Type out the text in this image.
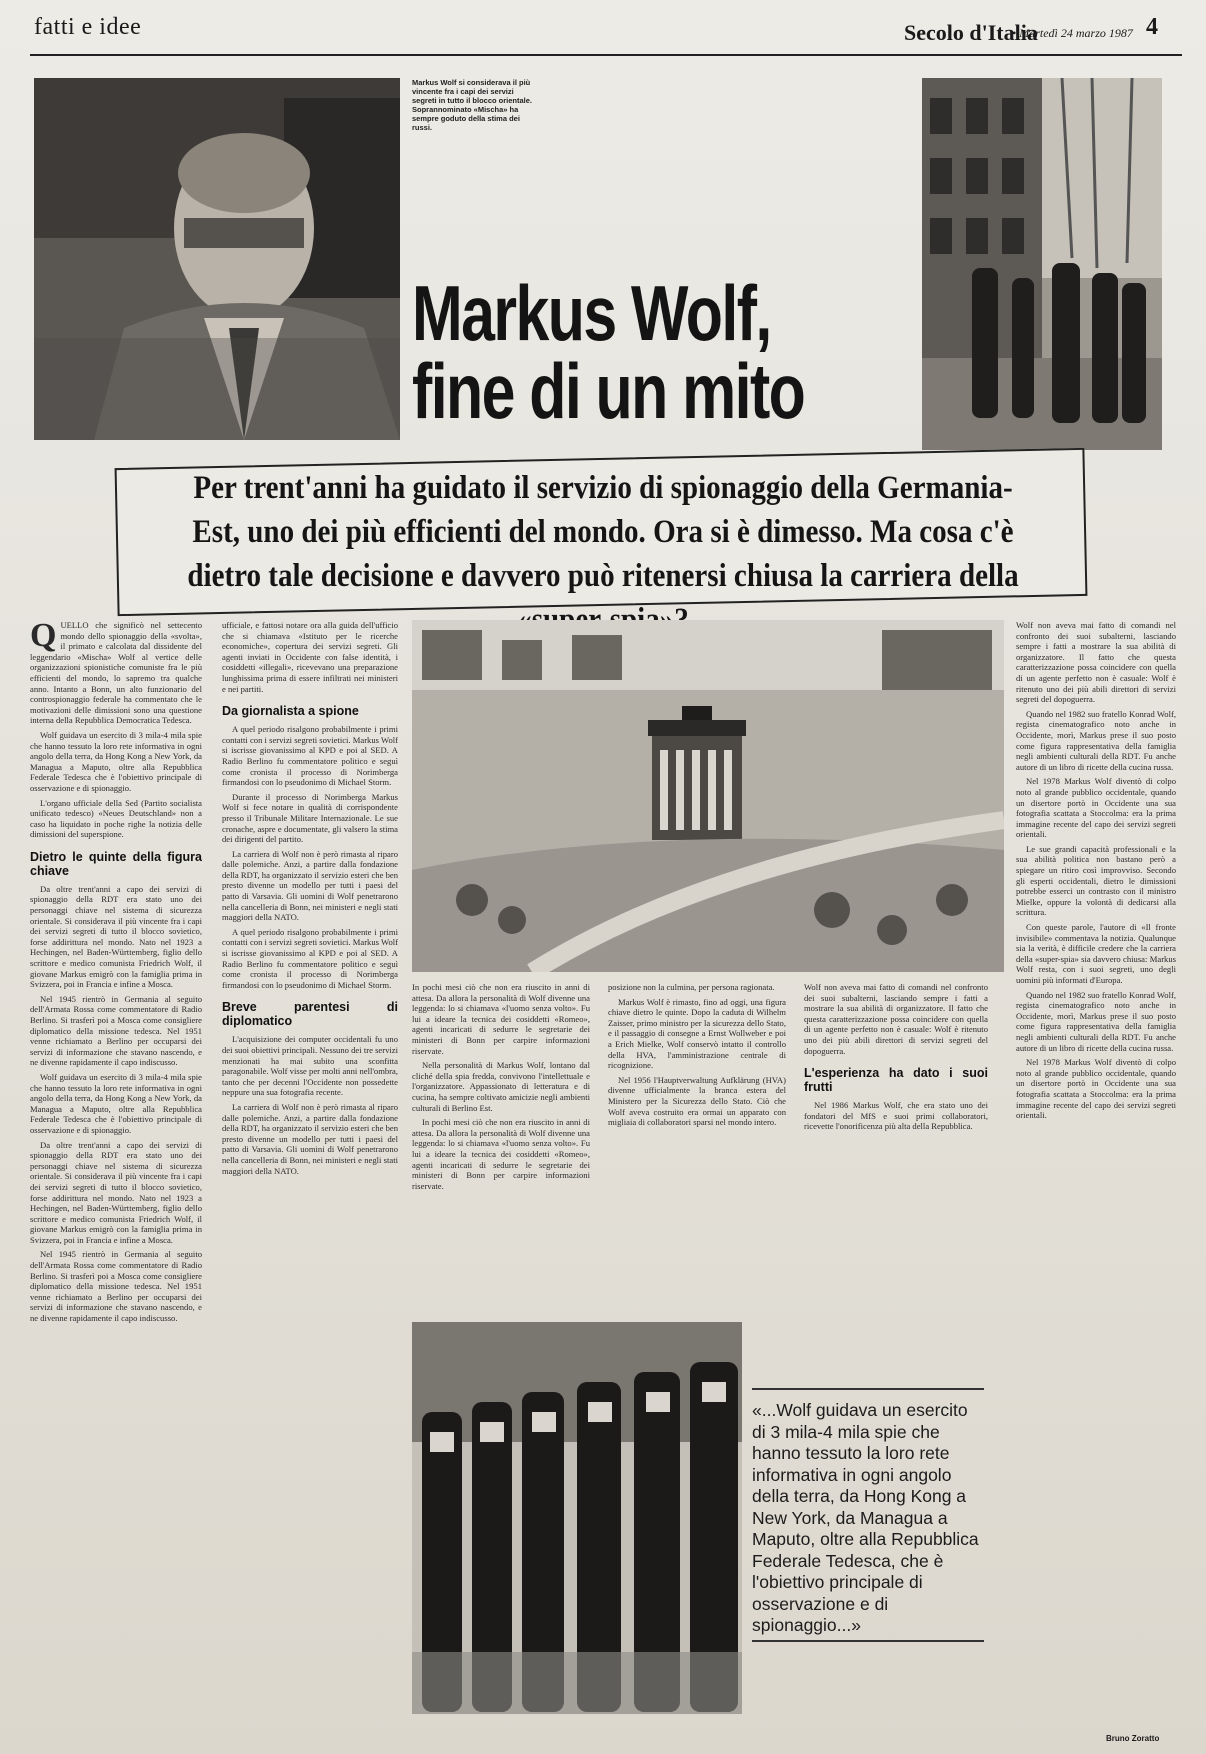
fatti e idee	Secolo d'Italia
• Martedì 24 marzo 1987 4
Markus Wolf si considerava il più vincente fra i capi dei servizi segreti in tutto il blocco orientale. Soprannominato «Mischa» ha sempre goduto della stima dei russi.
Markus Wolf,
fine di un mito
Per trent'anni ha guidato il servizio di spionaggio della Germania-Est, uno dei più efficienti del mondo. Ora si è dimesso. Ma cosa c'è dietro tale decisione e davvero può ritenersi chiusa la carriera della

QUELLO che significò nel settecento mondo dello spionaggio della «svolta», il primato e calcolata dal dissidente del leggendario «Mischa» Wolf al vertice delle organizzazioni spionistiche comuniste fra le più efficienti del mondo, lo sapremo tra qualche anno. Intanto a Bonn, un alto funzionario del controspionaggio federale ha commentato che le motivazioni delle dimissioni sono una questione interna della Repubblica Democratica Tedesca.

Wolf guidava un esercito di 3 mila-4 mila spie che hanno tessuto la loro rete informativa in ogni angolo della terra, da Hong Kong a New York, da Managua a Maputo, oltre alla Repubblica Federale Tedesca che è l'obiettivo principale di osservazione e di spionaggio.

L'organo ufficiale della Sed (Partito socialista unificato tedesco) «Neues Deutschland» non a caso ha liquidato in poche righe la notizia delle dimissioni del superspione.

Dietro le quinte della figura chiave

Da oltre trent'anni a capo dei servizi di spionaggio della RDT era stato uno dei personaggi chiave nel sistema di sicurezza orientale. Si considerava il più vincente fra i capi dei servizi segreti di tutto il blocco sovietico, forse addirittura nel mondo. Nato nel 1923 a Hechingen, nel Baden-Württemberg, figlio dello scrittore e medico comunista Friedrich Wolf, il giovane Markus emigrò con la famiglia prima in Svizzera, poi in Francia e infine a Mosca.

Nel 1945 rientrò in Germania al seguito dell'Armata Rossa come commentatore di Radio Berlino. Si trasferì poi a Mosca come consigliere diplomatico della missione tedesca. Nel 1951 venne richiamato a Berlino per occuparsi dei servizi di informazione che stavano nascendo, e ne divenne rapidamente il capo indiscusso.

Wolf guidava un esercito di 3 mila-4 mila spie che hanno tessuto la loro rete informativa in ogni angolo della terra, da Hong Kong a New York, da Managua a Maputo, oltre alla Repubblica Federale Tedesca che è l'obiettivo principale di osservazione e di spionaggio.

Da oltre trent'anni a capo dei servizi di spionaggio della RDT era stato uno dei personaggi chiave nel sistema di sicurezza orientale. Si considerava il più vincente fra i capi dei servizi segreti di tutto il blocco sovietico, forse addirittura nel mondo. Nato nel 1923 a Hechingen, nel Baden-Württemberg, figlio dello scrittore e medico comunista Friedrich Wolf, il giovane Markus emigrò con la famiglia prima in Svizzera, poi in Francia e infine a Mosca.

Nel 1945 rientrò in Germania al seguito dell'Armata Rossa come commentatore di Radio Berlino. Si trasferì poi a Mosca come consigliere diplomatico della missione tedesca. Nel 1951 venne richiamato a Berlino per occuparsi dei servizi di informazione che stavano nascendo, e ne divenne rapidamente il capo indiscusso.

ufficiale, e fattosi notare ora alla guida dell'ufficio che si chiamava «Istituto per le ricerche economiche», copertura dei servizi segreti. Gli agenti inviati in Occidente con false identità, i cosiddetti «illegali», ricevevano una preparazione lunghissima prima di essere infiltrati nei ministeri e nei partiti.

Da giornalista a spione

A quel periodo risalgono probabilmente i primi contatti con i servizi segreti sovietici. Markus Wolf si iscrisse giovanissimo al KPD e poi al SED. A Radio Berlino fu commentatore politico e seguì come cronista il processo di Norimberga firmandosi con lo pseudonimo di Michael Storm.

Durante il processo di Norimberga Markus Wolf si fece notare in qualità di corrispondente presso il Tribunale Militare Internazionale. Le sue cronache, aspre e documentate, gli valsero la stima dei dirigenti del partito.

La carriera di Wolf non è però rimasta al riparo dalle polemiche. Anzi, a partire dalla fondazione della RDT, ha organizzato il servizio esteri che ben presto divenne un modello per tutti i paesi del patto di Varsavia. Gli uomini di Wolf penetrarono nella cancelleria di Bonn, nei ministeri e negli stati maggiori della NATO.

A quel periodo risalgono probabilmente i primi contatti con i servizi segreti sovietici. Markus Wolf si iscrisse giovanissimo al KPD e poi al SED. A Radio Berlino fu commentatore politico e seguì come cronista il processo di Norimberga firmandosi con lo pseudonimo di Michael Storm.

Breve parentesi di diplomatico

L'acquisizione dei computer occidentali fu uno dei suoi obiettivi principali. Nessuno dei tre servizi menzionati ha mai subito una sconfitta paragonabile. Wolf visse per molti anni nell'ombra, tanto che per decenni l'Occidente non possedette neppure una sua fotografia recente.

La carriera di Wolf non è però rimasta al riparo dalle polemiche. Anzi, a partire dalla fondazione della RDT, ha organizzato il servizio esteri che ben presto divenne un modello per tutti i paesi del patto di Varsavia. Gli uomini di Wolf penetrarono nella cancelleria di Bonn, nei ministeri e negli stati maggiori della NATO.

In pochi mesi ciò che non era riuscito in anni di attesa. Da allora la personalità di Wolf divenne una leggenda: lo si chiamava «l'uomo senza volto». Fu lui a ideare la tecnica dei cosiddetti «Romeo», agenti incaricati di sedurre le segretarie dei ministeri di Bonn per carpire informazioni riservate.

Nella personalità di Markus Wolf, lontano dal cliché della spia fredda, convivono l'intellettuale e l'organizzatore. Appassionato di letteratura e di cucina, ha sempre coltivato amicizie negli ambienti culturali di Berlino Est.

In pochi mesi ciò che non era riuscito in anni di attesa. Da allora la personalità di Wolf divenne una leggenda: lo si chiamava «l'uomo senza volto». Fu lui a ideare la tecnica dei cosiddetti «Romeo», agenti incaricati di sedurre le segretarie dei ministeri di Bonn per carpire informazioni riservate.

posizione non la culmina, per persona ragionata.

Markus Wolf è rimasto, fino ad oggi, una figura chiave dietro le quinte. Dopo la caduta di Wilhelm Zaisser, primo ministro per la sicurezza dello Stato, e il passaggio di consegne a Ernst Wollweber e poi a Erich Mielke, Wolf conservò intatto il controllo della HVA, l'amministrazione centrale di ricognizione.

Nel 1956 l'Hauptverwaltung Aufklärung (HVA) divenne ufficialmente la branca estera del Ministero per la Sicurezza dello Stato. Ciò che Wolf aveva costruito era ormai un apparato con migliaia di collaboratori sparsi nel mondo intero.

Wolf non aveva mai fatto di comandi nel confronto dei suoi subalterni, lasciando sempre i fatti a mostrare la sua abilità di organizzatore. Il fatto che questa caratterizzazione possa coincidere con quella di un agente perfetto non è casuale: Wolf è ritenuto uno dei più abili direttori di servizi segreti del dopoguerra.

L'esperienza ha dato i suoi frutti

Nel 1986 Markus Wolf, che era stato uno dei fondatori del MfS e suoi primi collaboratori, ricevette l'onorificenza più alta della Repubblica.

Wolf non aveva mai fatto di comandi nel confronto dei suoi subalterni, lasciando sempre i fatti a mostrare la sua abilità di organizzatore. Il fatto che questa caratterizzazione possa coincidere con quella di un agente perfetto non è casuale: Wolf è ritenuto uno dei più abili direttori di servizi segreti del dopoguerra.

Quando nel 1982 suo fratello Konrad Wolf, regista cinematografico noto anche in Occidente, morì, Markus prese il suo posto come figura rappresentativa della famiglia negli ambienti culturali della RDT. Fu anche autore di un libro di ricette della cucina russa.

Nel 1978 Markus Wolf diventò di colpo noto al grande pubblico occidentale, quando un disertore portò in Occidente una sua fotografia scattata a Stoccolma: era la prima immagine recente del capo dei servizi segreti orientali.

Le sue grandi capacità professionali e la sua abilità politica non bastano però a spiegare un ritiro così improvviso. Secondo gli esperti occidentali, dietro le dimissioni potrebbe esserci un contrasto con il ministro Mielke, oppure la volontà di dedicarsi alla scrittura.

Con queste parole, l'autore di «Il fronte invisibile» commentava la notizia. Qualunque sia la verità, è difficile credere che la carriera della «super-spia» sia davvero chiusa: Markus Wolf resta, con i suoi segreti, uno degli uomini più informati d'Europa.

Quando nel 1982 suo fratello Konrad Wolf, regista cinematografico noto anche in Occidente, morì, Markus prese il suo posto come figura rappresentativa della famiglia negli ambienti culturali della RDT. Fu anche autore di un libro di ricette della cucina russa.

Nel 1978 Markus Wolf diventò di colpo noto al grande pubblico occidentale, quando un disertore portò in Occidente una sua fotografia scattata a Stoccolma: era la prima immagine recente del capo dei servizi segreti orientali.

«...Wolf guidava un esercito di 3 mila-4 mila spie che hanno tessuto la loro rete informativa in ogni angolo della terra, da Hong Kong a New York, da Managua a Maputo, oltre alla Repubblica Federale Tedesca, che è l'obiettivo principale di osservazione e di spionaggio...»
Bruno Zoratto
